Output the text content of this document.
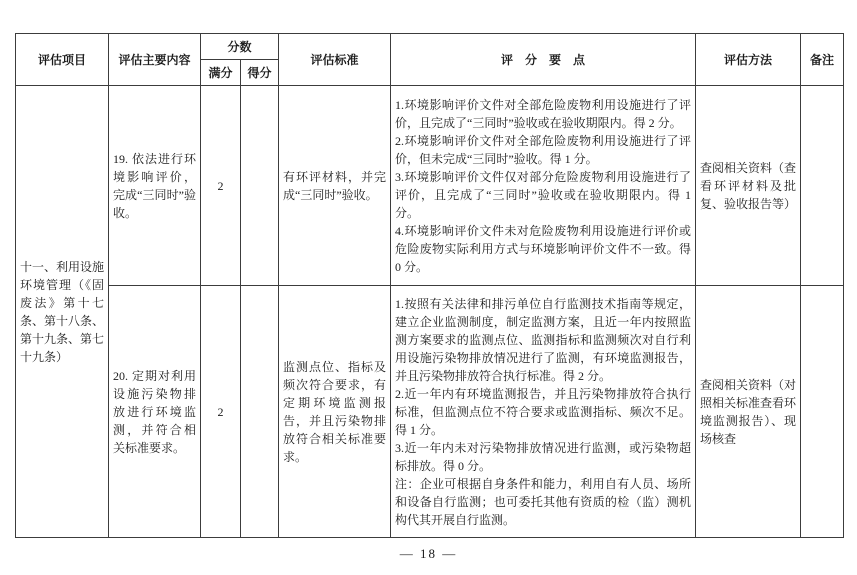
评估项目	评估主要内容	分数		评估标准	评　分　要　点	评估方法	备注
		满分	得分				
十一、利用设施环境管理（《固废法》第十七条、第十八条、第十九条、第七十九条）	19. 依法进行环境影响评价，完成“三同时”验收。	2		有环评材料，并完成“三同时”验收。	1.环境影响评价文件对全部危险废物利用设施进行了评价，且完成了“三同时”验收或在验收期限内。得 2 分。
2.环境影响评价文件对全部危险废物利用设施进行了评价，但未完成“三同时”验收。得 1 分。
3.环境影响评价文件仅对部分危险废物利用设施进行了评价，且完成了“三同时”验收或在验收期限内。得 1 分。
4.环境影响评价文件未对危险废物利用设施进行评价或危险废物实际利用方式与环境影响评价文件不一致。得 0 分。	查阅相关资料（查看环评材料及批复、验收报告等）	
	20. 定期对利用设施污染物排放进行环境监测，并符合相关标准要求。	2		监测点位、指标及频次符合要求，有定期环境监测报告，并且污染物排放符合相关标准要求。	1.按照有关法律和排污单位自行监测技术指南等规定，建立企业监测制度，制定监测方案，且近一年内按照监测方案要求的监测点位、监测指标和监测频次对自行利用设施污染物排放情况进行了监测，有环境监测报告，并且污染物排放符合执行标准。得 2 分。
2.近一年内有环境监测报告，并且污染物排放符合执行标准，但监测点位不符合要求或监测指标、频次不足。得 1 分。
3.近一年内未对污染物排放情况进行监测，或污染物超标排放。得 0 分。
注：企业可根据自身条件和能力，利用自有人员、场所和设备自行监测；也可委托其他有资质的检（监）测机构代其开展自行监测。	查阅相关资料（对照相关标准查看环境监测报告）、现场核查	
— 18 —
